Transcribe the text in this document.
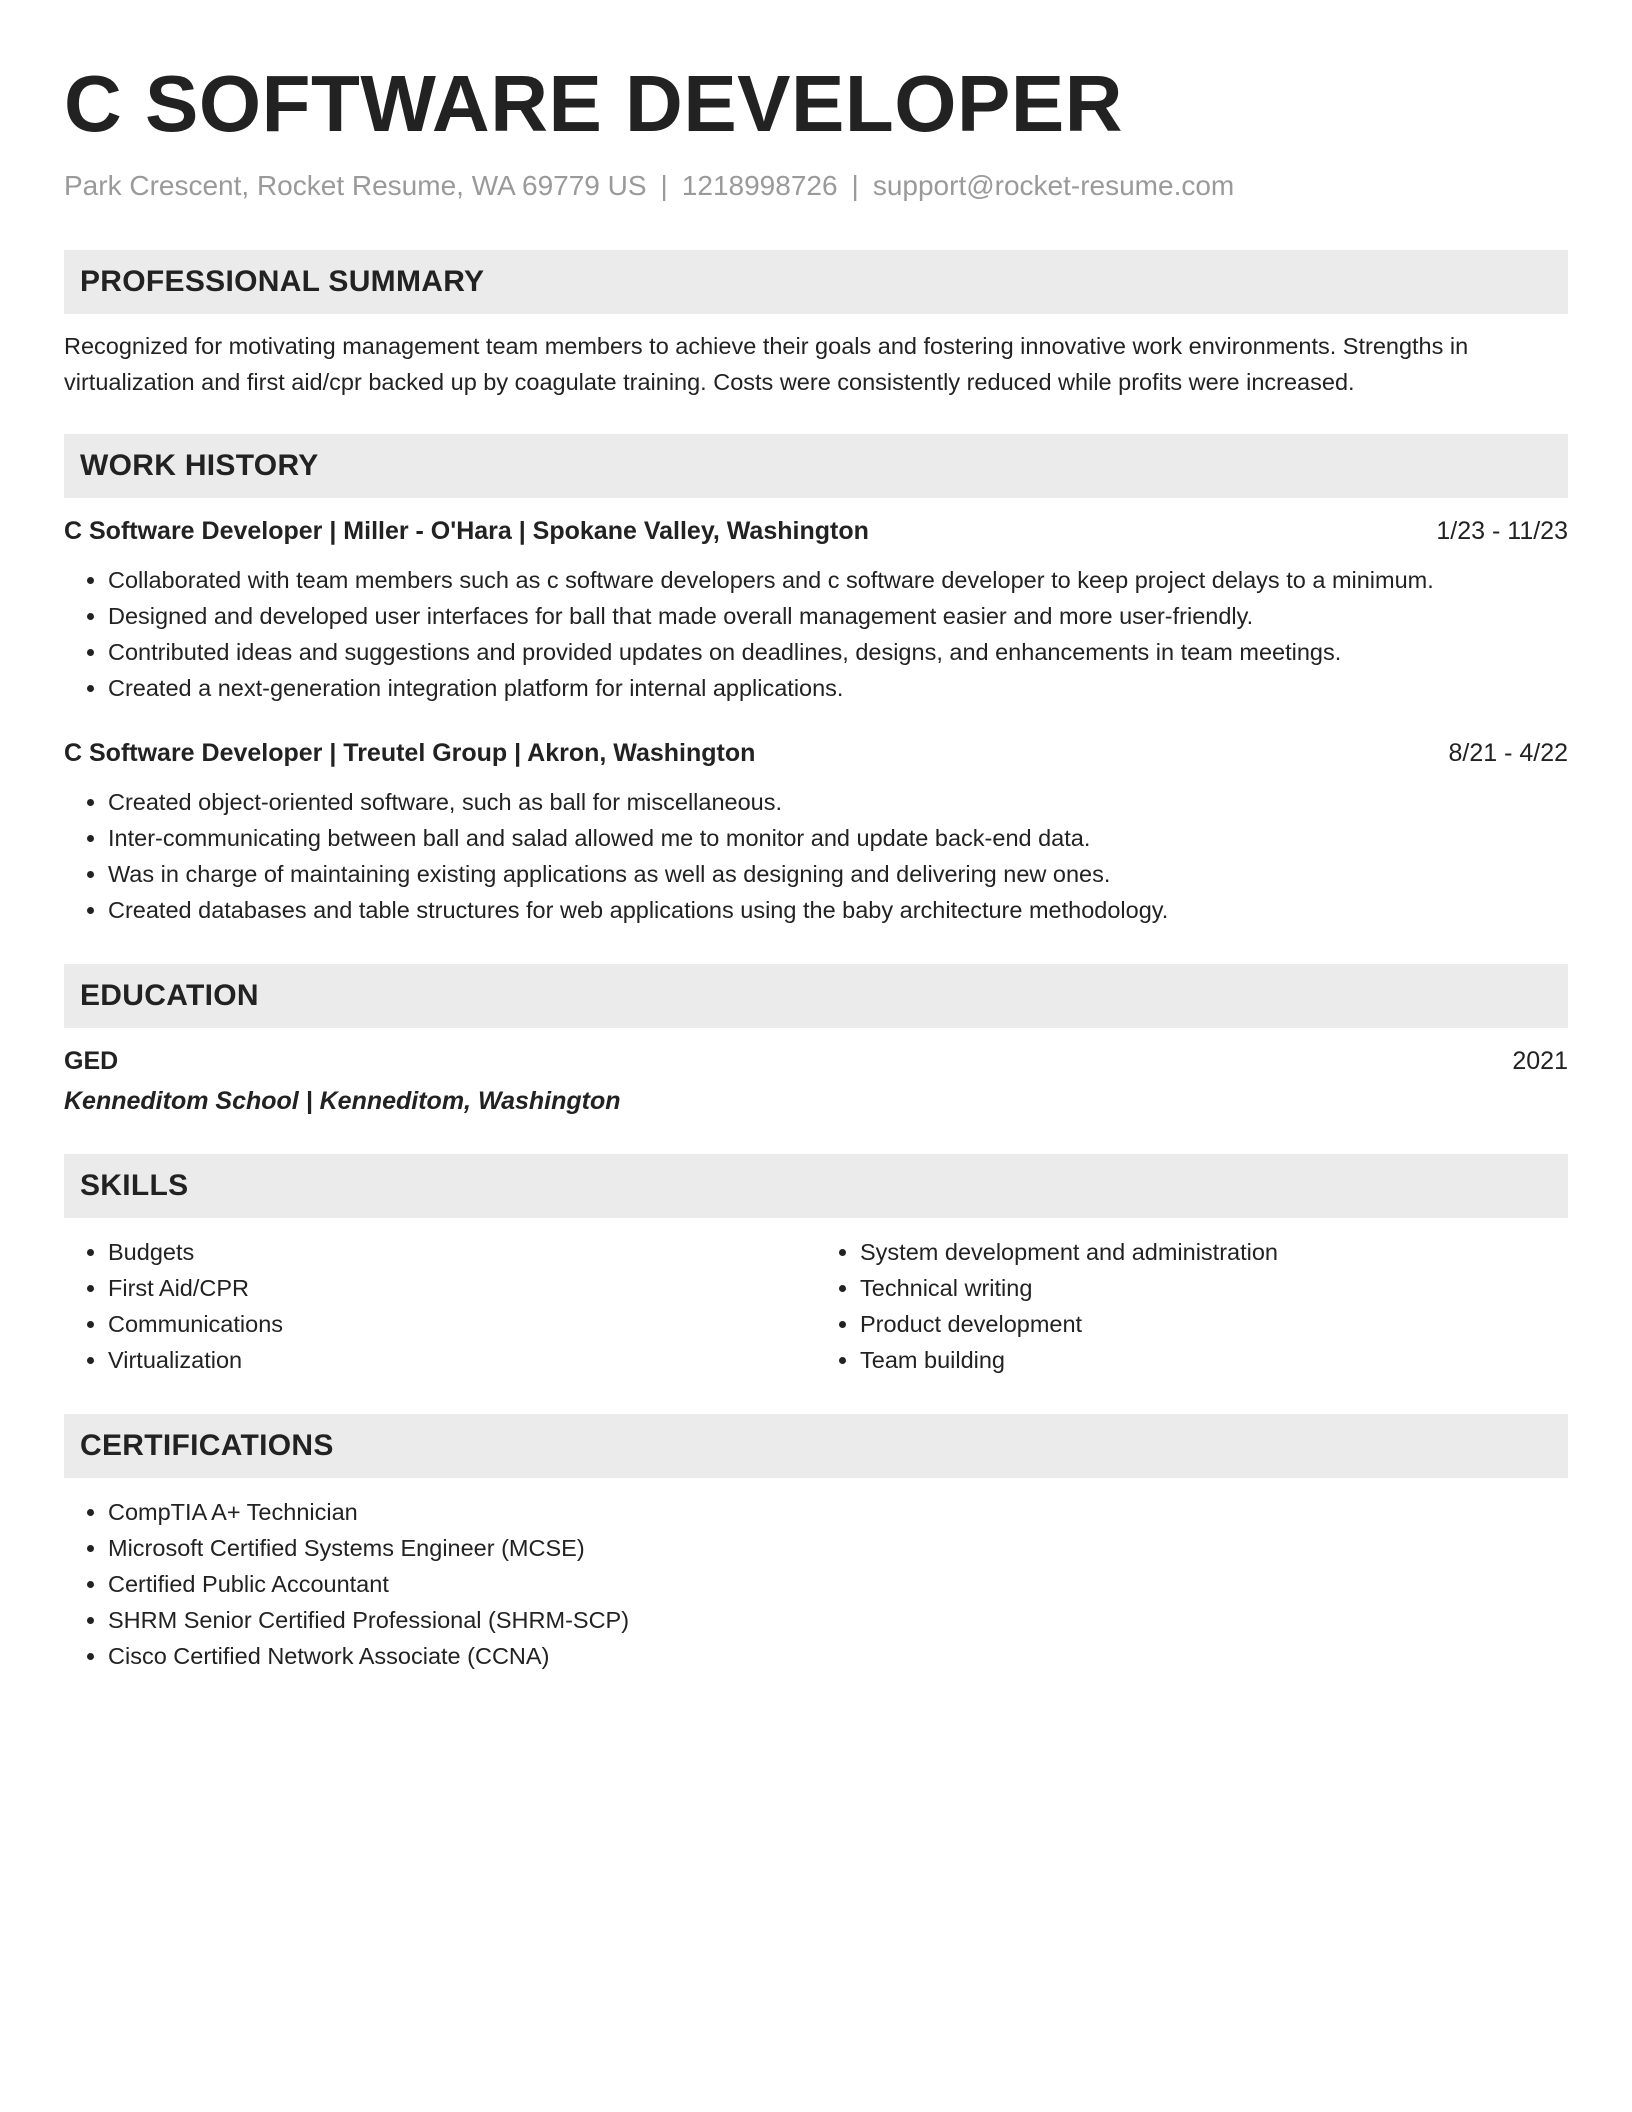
C SOFTWARE DEVELOPER
Park Crescent, Rocket Resume, WA 69779 US | 1218998726 | support@rocket-resume.com
PROFESSIONAL SUMMARY
Recognized for motivating management team members to achieve their goals and fostering innovative work environments. Strengths in virtualization and first aid/cpr backed up by coagulate training. Costs were consistently reduced while profits were increased.
WORK HISTORY
C Software Developer | Miller - O'Hara | Spokane Valley, Washington	1/23 - 11/23
• Collaborated with team members such as c software developers and c software developer to keep project delays to a minimum.
• Designed and developed user interfaces for ball that made overall management easier and more user-friendly.
• Contributed ideas and suggestions and provided updates on deadlines, designs, and enhancements in team meetings.
• Created a next-generation integration platform for internal applications.
C Software Developer | Treutel Group | Akron, Washington	8/21 - 4/22
• Created object-oriented software, such as ball for miscellaneous.
• Inter-communicating between ball and salad allowed me to monitor and update back-end data.
• Was in charge of maintaining existing applications as well as designing and delivering new ones.
• Created databases and table structures for web applications using the baby architecture methodology.
EDUCATION
GED	2021
Kenneditom School | Kenneditom, Washington
SKILLS
• Budgets
• First Aid/CPR
• Communications
• Virtualization
• System development and administration
• Technical writing
• Product development
• Team building
CERTIFICATIONS
• CompTIA A+ Technician
• Microsoft Certified Systems Engineer (MCSE)
• Certified Public Accountant
• SHRM Senior Certified Professional (SHRM-SCP)
• Cisco Certified Network Associate (CCNA)
